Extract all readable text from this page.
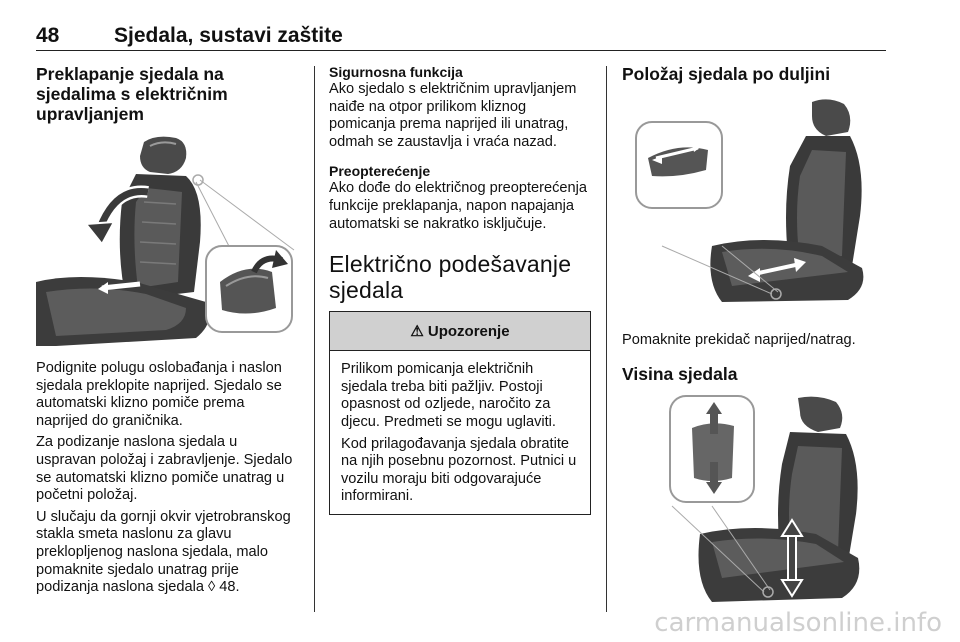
48	Sjedala, sustavi zaštite
Preklapanje sjedala na sjedalima s električnim upravljanjem

Podignite polugu oslobađanja i naslon sjedala preklopite naprijed. Sjedalo se automatski klizno pomiče prema naprijed do graničnika.

Za podizanje naslona sjedala u uspravan položaj i zabravljenje. Sjedalo se automatski klizno pomiče unatrag u početni položaj.

U slučaju da gornji okvir vjetrobranskog stakla smeta naslonu za glavu preklopljenog naslona sjedala, malo pomaknite sjedalo unatrag prije podizanja naslona sjedala ◊ 48.

Sigurnosna funkcija

Ako sjedalo s električnim upravljanjem naiđe na otpor prilikom kliznog pomicanja prema naprijed ili unatrag, odmah se zaustavlja i vraća nazad.

Preopterećenje

Ako dođe do električnog preopterećenja funkcije preklapanja, napon napajanja automatski se nakratko isključuje.

Električno podešavanje sjedala
⚠ Upozorenje

Prilikom pomicanja električnih sjedala treba biti pažljiv. Postoji opasnost od ozljede, naročito za djecu. Predmeti se mogu uglaviti.

Kod prilagođavanja sjedala obratite na njih posebnu pozornost. Putnici u vozilu moraju biti odgovarajuće informirani.

Položaj sjedala po duljini

Pomaknite prekidač naprijed/natrag.

Visina sjedala
carmanualsonline.info
